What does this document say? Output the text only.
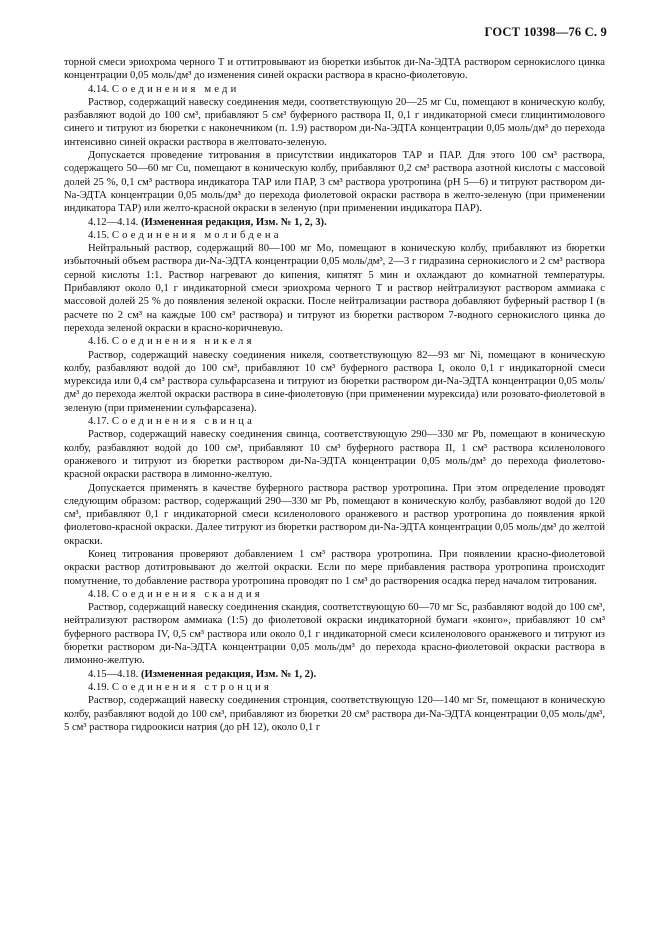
ГОСТ 10398—76 С. 9

торной смеси эриохрома черного Т и оттитровывают из бюретки избыток ди-Na-ЭДТА раствором сернокислого цинка концентрации 0,05 моль/дм³ до изменения синей окраски раствора в красно-фиолетовую.

4.14. Соединения меди

Раствор, содержащий навеску соединения меди, соответствующую 20—25 мг Cu, помещают в коническую колбу, разбавляют водой до 100 см³, прибавляют 5 см³ буферного раствора II, 0,1 г индикаторной смеси глицинтимолового синего и титруют из бюретки с наконечником (п. 1.9) раствором ди-Na-ЭДТА концентрации 0,05 моль/дм³ до перехода интенсивно синей окраски раствора в желтовато-зеленую.

Допускается проведение титрования в присутствии индикаторов ТАР и ПАР. Для этого 100 см³ раствора, содержащего 50—60 мг Cu, помещают в коническую колбу, прибавляют 0,2 см³ раствора азотной кислоты с массовой долей 25 %, 0,1 см³ раствора индикатора ТАР или ПАР, 3 см³ раствора уротропина (pH 5—6) и титруют раствором ди-Na-ЭДТА концентрации 0,05 моль/дм³ до перехода фиолетовой окраски раствора в желто-зеленую (при применении индикатора ТАР) или желто-красной окраски в зеленую (при применении индикатора ПАР).

4.12—4.14. (Измененная редакция, Изм. № 1, 2, 3).

4.15. Соединения молибдена

Нейтральный раствор, содержащий 80—100 мг Mo, помещают в коническую колбу, прибавляют из бюретки избыточный объем раствора ди-Na-ЭДТА концентрации 0,05 моль/дм³, 2—3 г гидразина сернокислого и 2 см³ раствора серной кислоты 1:1. Раствор нагревают до кипения, кипятят 5 мин и охлаждают до комнатной температуры. Прибавляют около 0,1 г индикаторной смеси эриохрома черного Т и раствор нейтрализуют раствором аммиака с массовой долей 25 % до появления зеленой окраски. После нейтрализации раствора добавляют буферный раствор I (в расчете по 2 см³ на каждые 100 см³ раствора) и титруют из бюретки раствором 7-водного сернокислого цинка до перехода зеленой окраски в красно-коричневую.

4.16. Соединения никеля

Раствор, содержащий навеску соединения никеля, соответствующую 82—93 мг Ni, помещают в коническую колбу, разбавляют водой до 100 см³, прибавляют 10 см³ буферного раствора I, около 0,1 г индикаторной смеси мурексида или 0,4 см³ раствора сульфарсазена и титруют из бюретки раствором ди-Na-ЭДТА концентрации 0,05 моль/дм³ до перехода желтой окраски раствора в сине-фиолетовую (при применении мурексида) или розовато-фиолетовой в зеленую (при применении сульфарсазена).

4.17. Соединения свинца

Раствор, содержащий навеску соединения свинца, соответствующую 290—330 мг Pb, помещают в коническую колбу, разбавляют водой до 100 см³, прибавляют 10 см³ буферного раствора II, 1 см³ раствора ксиленолового оранжевого и титруют из бюретки раствором ди-Na-ЭДТА концентрации 0,05 моль/дм³ до перехода фиолетово-красной окраски раствора в лимонно-желтую.

Допускается применять в качестве буферного раствора раствор уротропина. При этом определение проводят следующим образом: раствор, содержащий 290—330 мг Pb, помещают в коническую колбу, разбавляют водой до 120 см³, прибавляют 0,1 г индикаторной смеси ксиленолового оранжевого и раствор уротропина до появления яркой фиолетово-красной окраски. Далее титруют из бюретки раствором ди-Na-ЭДТА концентрации 0,05 моль/дм³ до желтой окраски.

Конец титрования проверяют добавлением 1 см³ раствора уротропина. При появлении красно-фиолетовой окраски раствор дотитровывают до желтой окраски. Если по мере прибавления раствора уротропина происходит помутнение, то добавление раствора уротропина проводят по 1 см³ до растворения осадка перед началом титрования.

4.18. Соединения скандия

Раствор, содержащий навеску соединения скандия, соответствующую 60—70 мг Sc, разбавляют водой до 100 см³, нейтрализуют раствором аммиака (1:5) до фиолетовой окраски индикаторной бумаги «конго», прибавляют 10 см³ буферного раствора IV, 0,5 см³ раствора или около 0,1 г индикаторной смеси ксиленолового оранжевого и титруют из бюретки раствором ди-Na-ЭДТА концентрации 0,05 моль/дм³ до перехода красно-фиолетовой окраски раствора в лимонно-желтую.

4.15—4.18. (Измененная редакция, Изм. № 1, 2).

4.19. Соединения стронция

Раствор, содержащий навеску соединения стронция, соответствующую 120—140 мг Sr, помещают в коническую колбу, разбавляют водой до 100 см³, прибавляют из бюретки 20 см³ раствора ди-Na-ЭДТА концентрации 0,05 моль/дм³, 5 см³ раствора гидроокиси натрия (до pH 12), около 0,1 г
